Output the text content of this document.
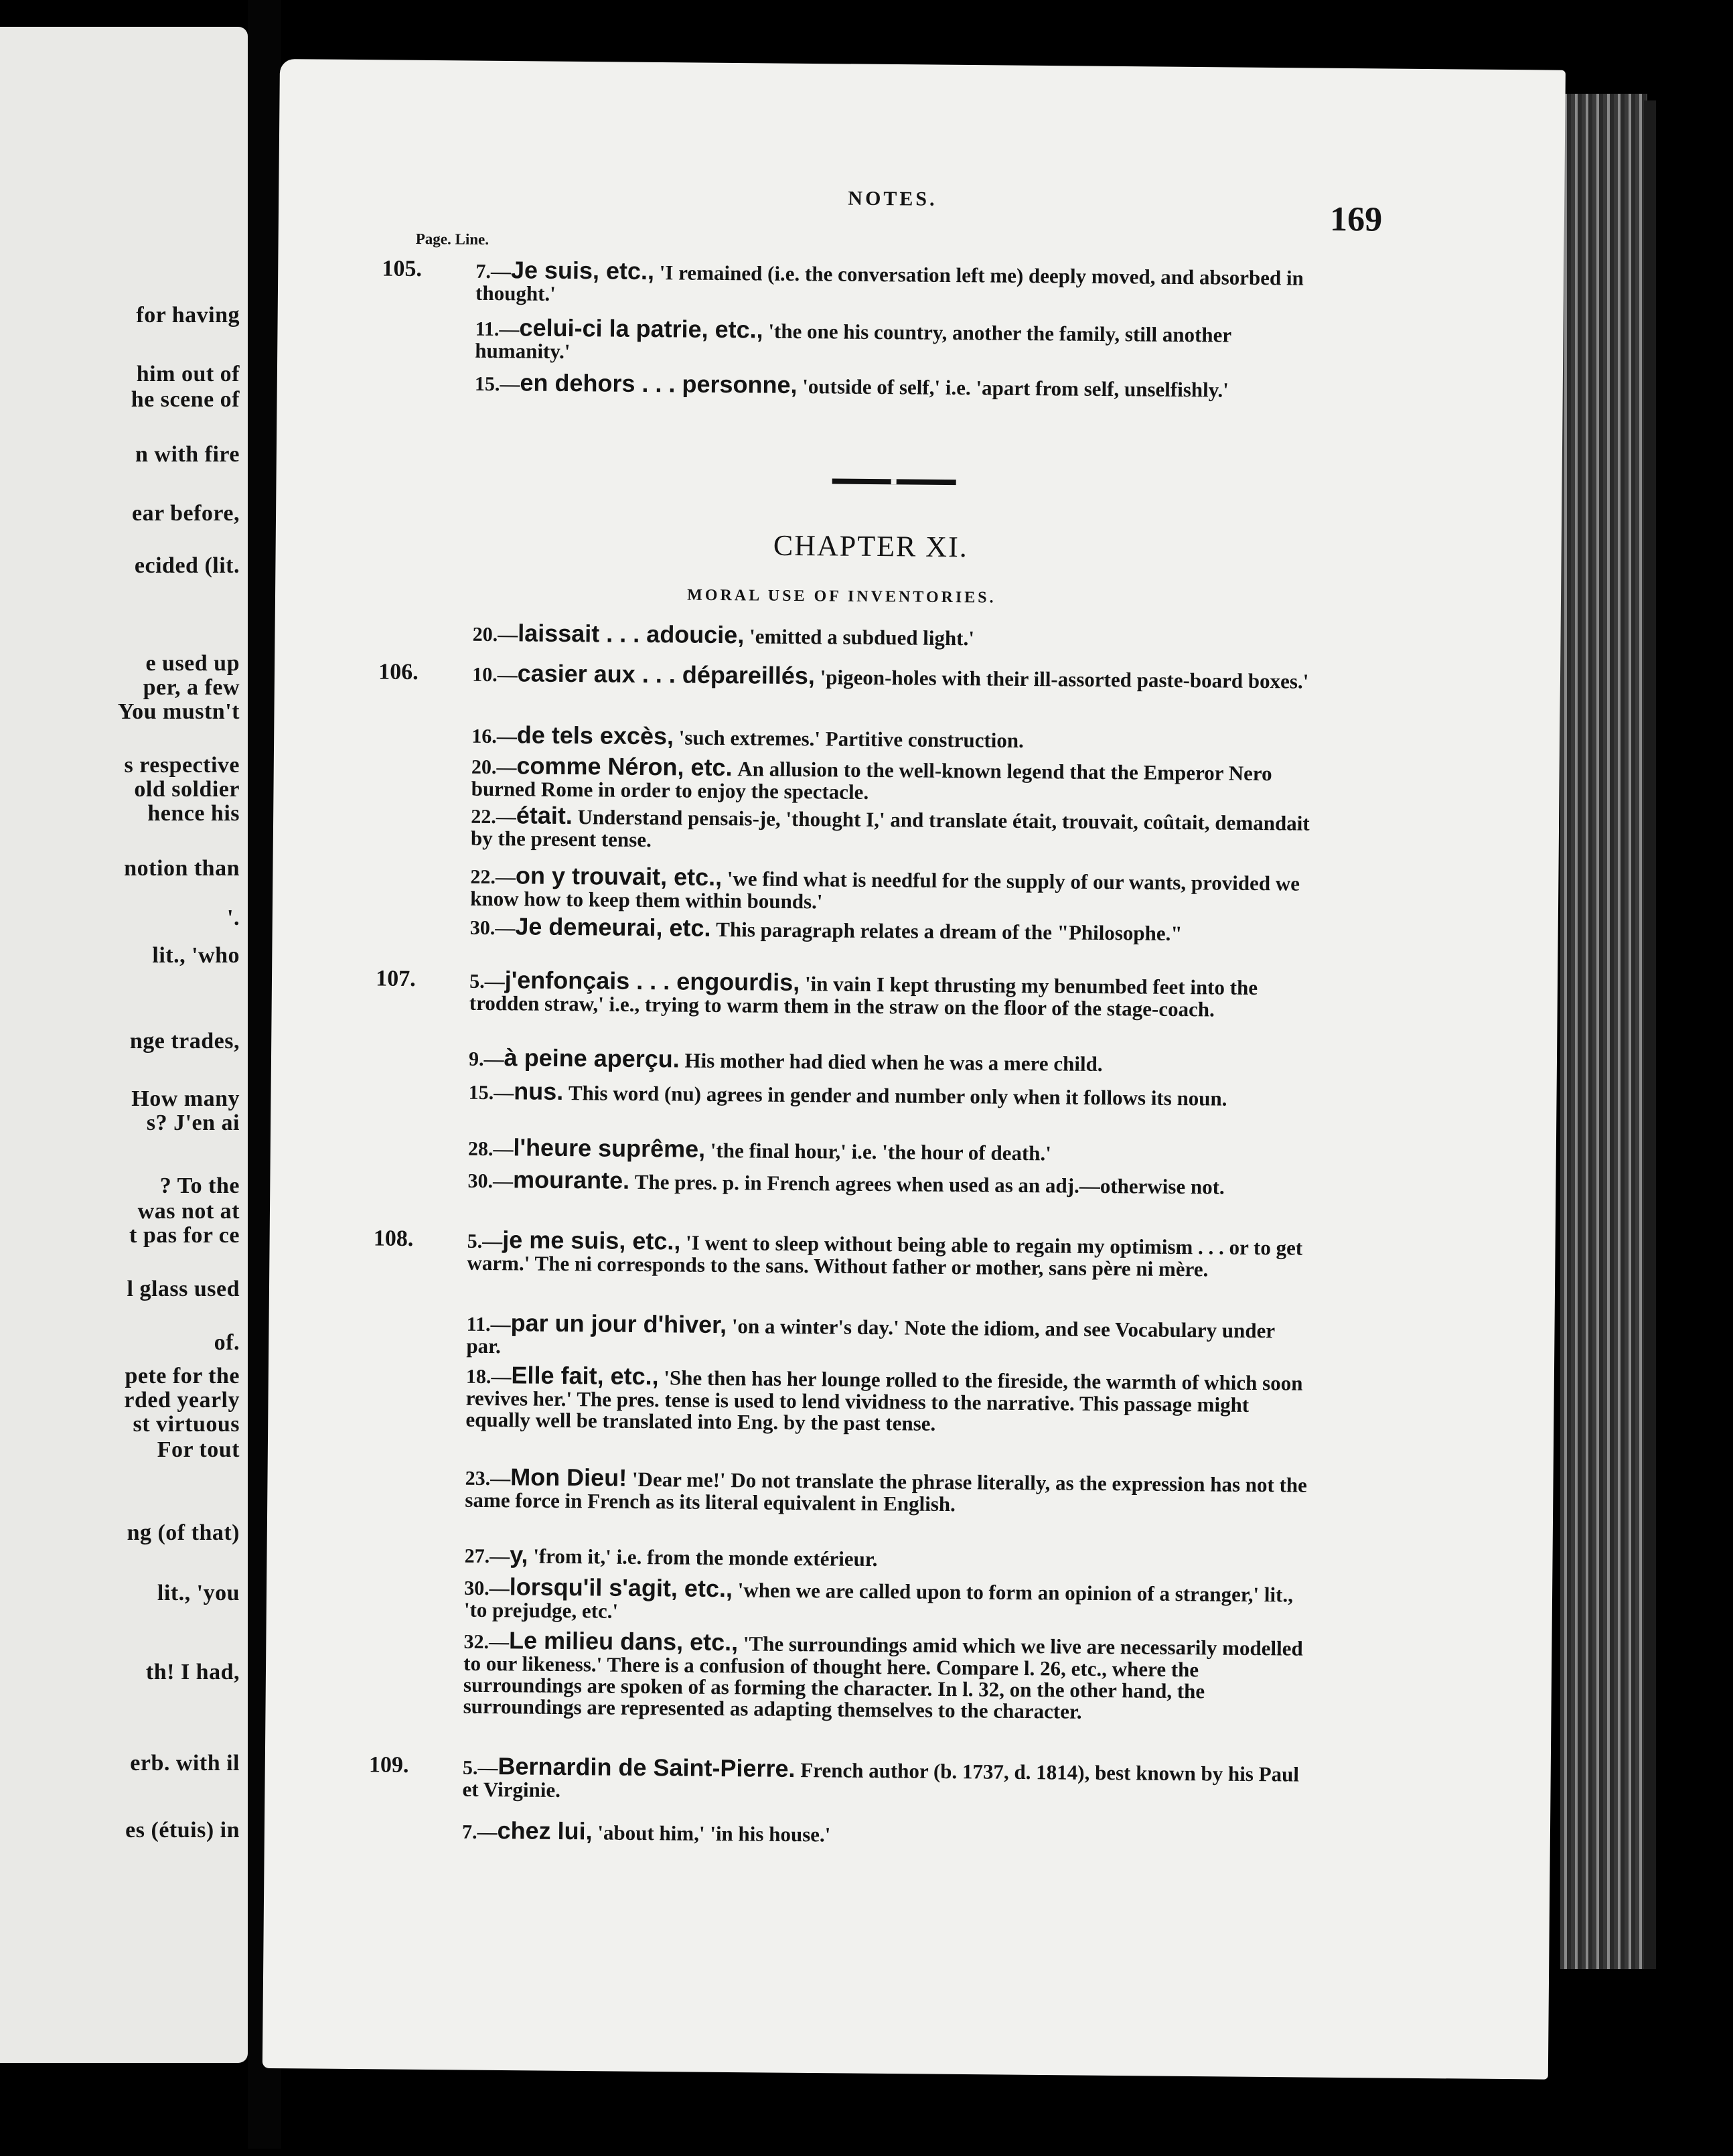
for having
him out of
he scene of
n with fire
ear before,
ecided (lit.
e used up
per, a few
You mustn't
s respective
old soldier
hence his
notion than
'.
lit., 'who
nge trades,
How many
s? J'en ai
? To the
was not at
t pas for ce
l glass used
of.
pete for the
rded yearly
st virtuous
For tout
ng (of that)
lit., 'you
th! I had,
erb. with il
es (étuis) in
NOTES.
169
Page. Line.
CHAPTER XI.
MORAL USE OF INVENTORIES.
105.	7.—Je suis, etc., 'I remained (i.e. the conversation left me) deeply moved, and absorbed in thought.'
11.—celui-ci la patrie, etc., 'the one his country, another the family, still another humanity.'
15.—en dehors . . . personne, 'outside of self,' i.e. 'apart from self, unselfishly.'
20.—laissait . . . adoucie, 'emitted a subdued light.'
106.	10.—casier aux . . . dépareillés, 'pigeon-holes with their ill-assorted paste-board boxes.'
16.—de tels excès, 'such extremes.' Partitive construction.
20.—comme Néron, etc. An allusion to the well-known legend that the Emperor Nero burned Rome in order to enjoy the spectacle.
22.—était. Understand pensais-je, 'thought I,' and translate était, trouvait, coûtait, demandait by the present tense.
22.—on y trouvait, etc., 'we find what is needful for the supply of our wants, provided we know how to keep them within bounds.'
30.—Je demeurai, etc. This paragraph relates a dream of the "Philosophe."
107.	5.—j'enfonçais . . . engourdis, 'in vain I kept thrusting my benumbed feet into the trodden straw,' i.e., trying to warm them in the straw on the floor of the stage-coach.
9.—à peine aperçu. His mother had died when he was a mere child.
15.—nus. This word (nu) agrees in gender and number only when it follows its noun.
28.—l'heure suprême, 'the final hour,' i.e. 'the hour of death.'
30.—mourante. The pres. p. in French agrees when used as an adj.—otherwise not.
108.	5.—je me suis, etc., 'I went to sleep without being able to regain my optimism . . . or to get warm.' The ni corresponds to the sans. Without father or mother, sans père ni mère.
11.—par un jour d'hiver, 'on a winter's day.' Note the idiom, and see Vocabulary under par.
18.—Elle fait, etc., 'She then has her lounge rolled to the fireside, the warmth of which soon revives her.' The pres. tense is used to lend vividness to the narrative. This passage might equally well be translated into Eng. by the past tense.
23.—Mon Dieu! 'Dear me!' Do not translate the phrase literally, as the expression has not the same force in French as its literal equivalent in English.
27.—y, 'from it,' i.e. from the monde extérieur.
30.—lorsqu'il s'agit, etc., 'when we are called upon to form an opinion of a stranger,' lit., 'to prejudge, etc.'
32.—Le milieu dans, etc., 'The surroundings amid which we live are necessarily modelled to our likeness.' There is a confusion of thought here. Compare l. 26, etc., where the surroundings are spoken of as forming the character. In l. 32, on the other hand, the surroundings are represented as adapting themselves to the character.
109.	5.—Bernardin de Saint-Pierre. French author (b. 1737, d. 1814), best known by his Paul et Virginie.
7.—chez lui, 'about him,' 'in his house.'
